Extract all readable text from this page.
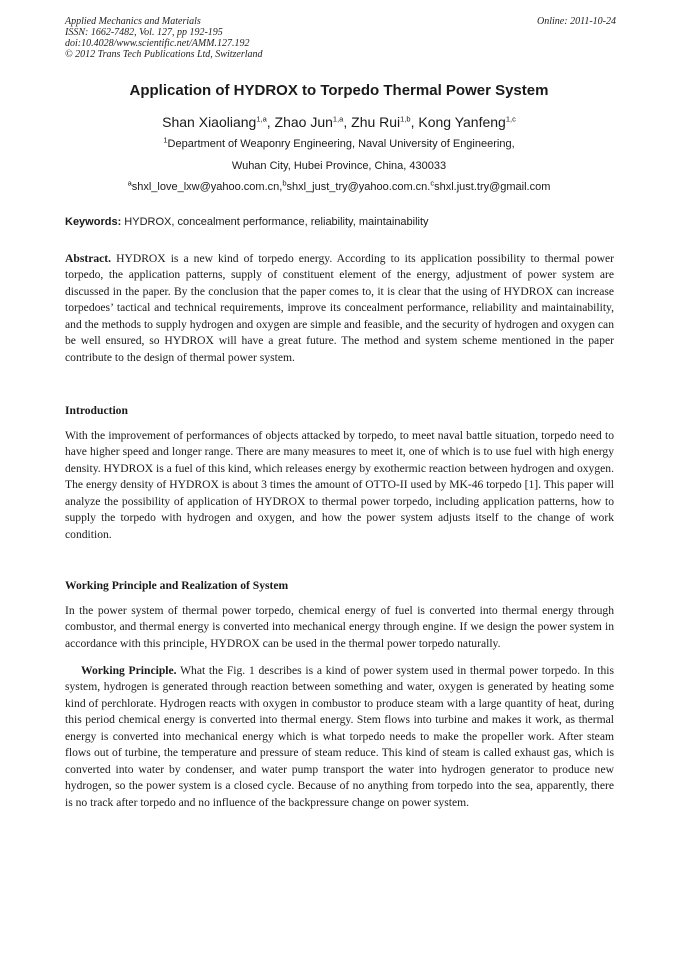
Applied Mechanics and Materials
ISSN: 1662-7482, Vol. 127, pp 192-195
doi:10.4028/www.scientific.net/AMM.127.192
© 2012 Trans Tech Publications Ltd, Switzerland
Online: 2011-10-24
Application of HYDROX to Torpedo Thermal Power System
Shan Xiaoliang$^{1,a}$, Zhao Jun$^{1,a}$, Zhu Rui$^{1,b}$, Kong Yanfeng$^{1,c}$
$^1$Department of Weaponry Engineering, Naval University of Engineering,
Wuhan City, Hubei Province, China, 430033
$^a$shxl_love_lxw@yahoo.com.cn,$^b$shxl_just_try@yahoo.com.cn.$^c$shxl.just.try@gmail.com
Keywords: HYDROX, concealment performance, reliability, maintainability
Abstract. HYDROX is a new kind of torpedo energy. According to its application possibility to thermal power torpedo, the application patterns, supply of constituent element of the energy, adjustment of power system are discussed in the paper. By the conclusion that the paper comes to, it is clear that the using of HYDROX can increase torpedoes’ tactical and technical requirements, improve its concealment performance, reliability and maintainability, and the methods to supply hydrogen and oxygen are simple and feasible, and the security of hydrogen and oxygen can be well ensured, so HYDROX will have a great future. The method and system scheme mentioned in the paper contribute to the design of thermal power system.
Introduction
With the improvement of performances of objects attacked by torpedo, to meet naval battle situation, torpedo need to have higher speed and longer range. There are many measures to meet it, one of which is to use fuel with high energy density. HYDROX is a fuel of this kind, which releases energy by exothermic reaction between hydrogen and oxygen. The energy density of HYDROX is about 3 times the amount of OTTO-II used by MK-46 torpedo [1]. This paper will analyze the possibility of application of HYDROX to thermal power torpedo, including application patterns, how to supply the torpedo with hydrogen and oxygen, and how the power system adjusts itself to the change of work condition.
Working Principle and Realization of System
In the power system of thermal power torpedo, chemical energy of fuel is converted into thermal energy through combustor, and thermal energy is converted into mechanical energy through engine. If we design the power system in accordance with this principle, HYDROX can be used in the thermal power torpedo naturally.
Working Principle. What the Fig. 1 describes is a kind of power system used in thermal power torpedo. In this system, hydrogen is generated through reaction between something and water, oxygen is generated by heating some kind of perchlorate. Hydrogen reacts with oxygen in combustor to produce steam with a large quantity of heat, during this period chemical energy is converted into thermal energy. Stem flows into turbine and makes it work, as thermal energy is converted into mechanical energy which is what torpedo needs to make the propeller work. After steam flows out of turbine, the temperature and pressure of steam reduce. This kind of steam is called exhaust gas, which is converted into water by condenser, and water pump transport the water into hydrogen generator to produce new hydrogen, so the power system is a closed cycle. Because of no anything from torpedo into the sea, apparently, there is no track after torpedo and no influence of the backpressure change on power system.
